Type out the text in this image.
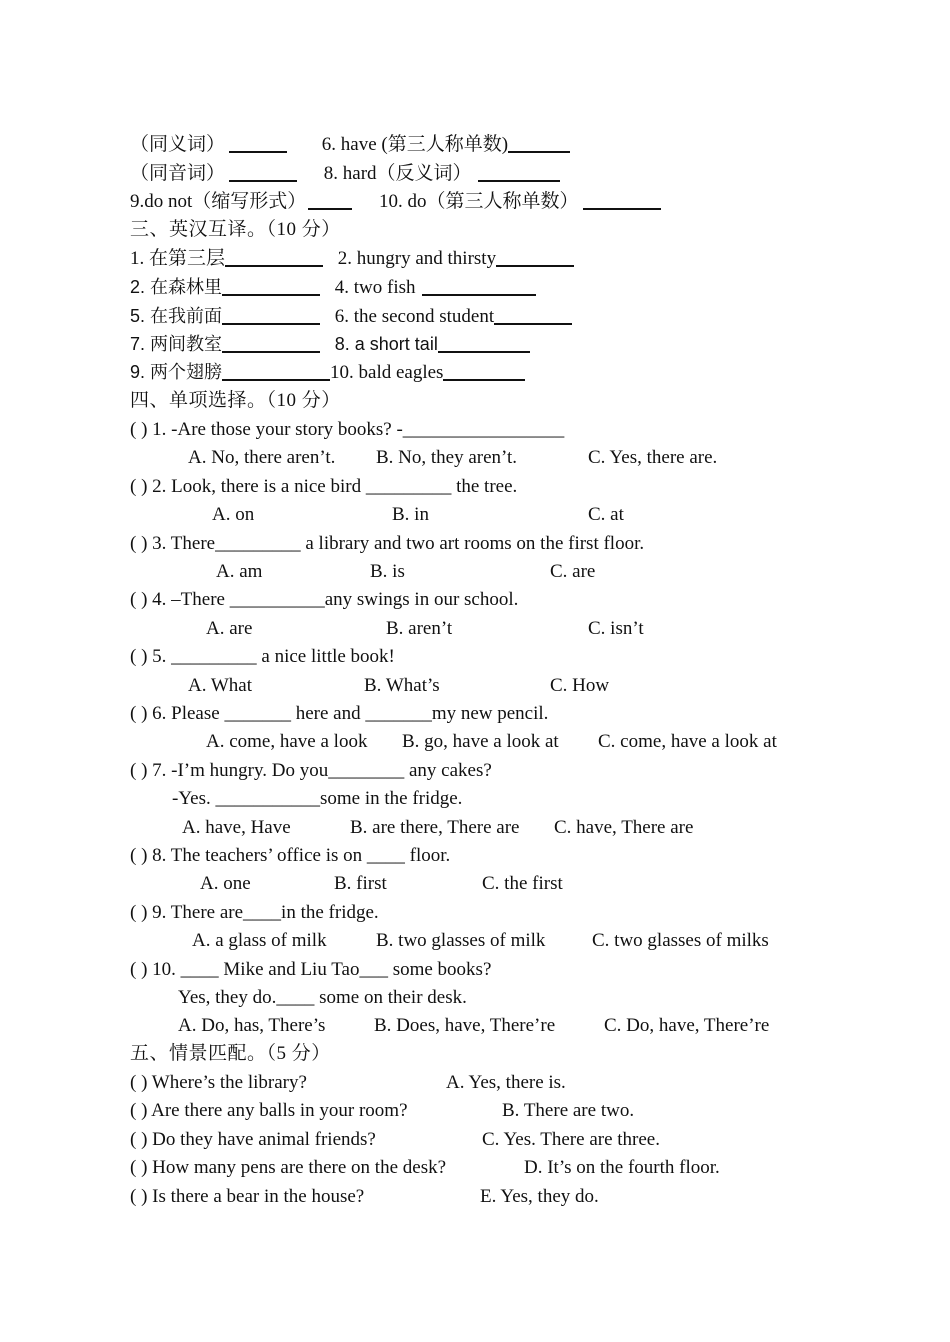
（同义词）	6. have (第三人称单数)
（同音词）	8. hard（反义词）
9.do not（缩写形式）	10. do（第三人称单数）
三、英汉互译。（10 分）
1. 在第三层	2. hungry and thirsty
2. 在森林里	4. two fish
5. 在我前面	6. the second student
7. 两间教室	8. a short tail
9. 两个翅膀	10. bald eagles
四、单项选择。（10 分）
( ) 1. -Are those your story books? -_________________
A. No, there aren’t. B. No, they aren’t.	C. Yes, there are.
( ) 2. Look, there is a nice bird _________ the tree.
A. on	B. in	C. at
( ) 3. There_________ a library and two art rooms on the first floor.
A. am	B. is	C. are
( ) 4. –There __________any swings in our school.
A. are	B. aren’t	C. isn’t
( ) 5. _________ a nice little book!
A. What	B. What’s	C. How
( ) 6. Please _______ here and _______my new pencil.
A. come, have a look B. go, have a look at C. come, have a look at
( ) 7. -I’m hungry. Do you________ any cakes?
-Yes. ___________some in the fridge.
A. have, Have	B. are there, There are C. have, There are
( ) 8. The teachers’ office is on ____ floor.
A. one	B. first	C. the first
( ) 9. There are____in the fridge.
A. a glass of milk	B. two glasses of milk C. two glasses of milks
( ) 10. ____ Mike and Liu Tao___ some books?
Yes, they do.____ some on their desk.
A. Do, has, There’s	B. Does, have, There’re	C. Do, have, There’re
五、情景匹配。（5 分）
( ) Where’s the library?	A. Yes, there is.
( ) Are there any balls in your room?	B. There are two.
( ) Do they have animal friends?	C. Yes. There are three.
( ) How many pens are there on the desk?	D. It’s on the fourth floor.
( ) Is there a bear in the house?	E. Yes, they do.
